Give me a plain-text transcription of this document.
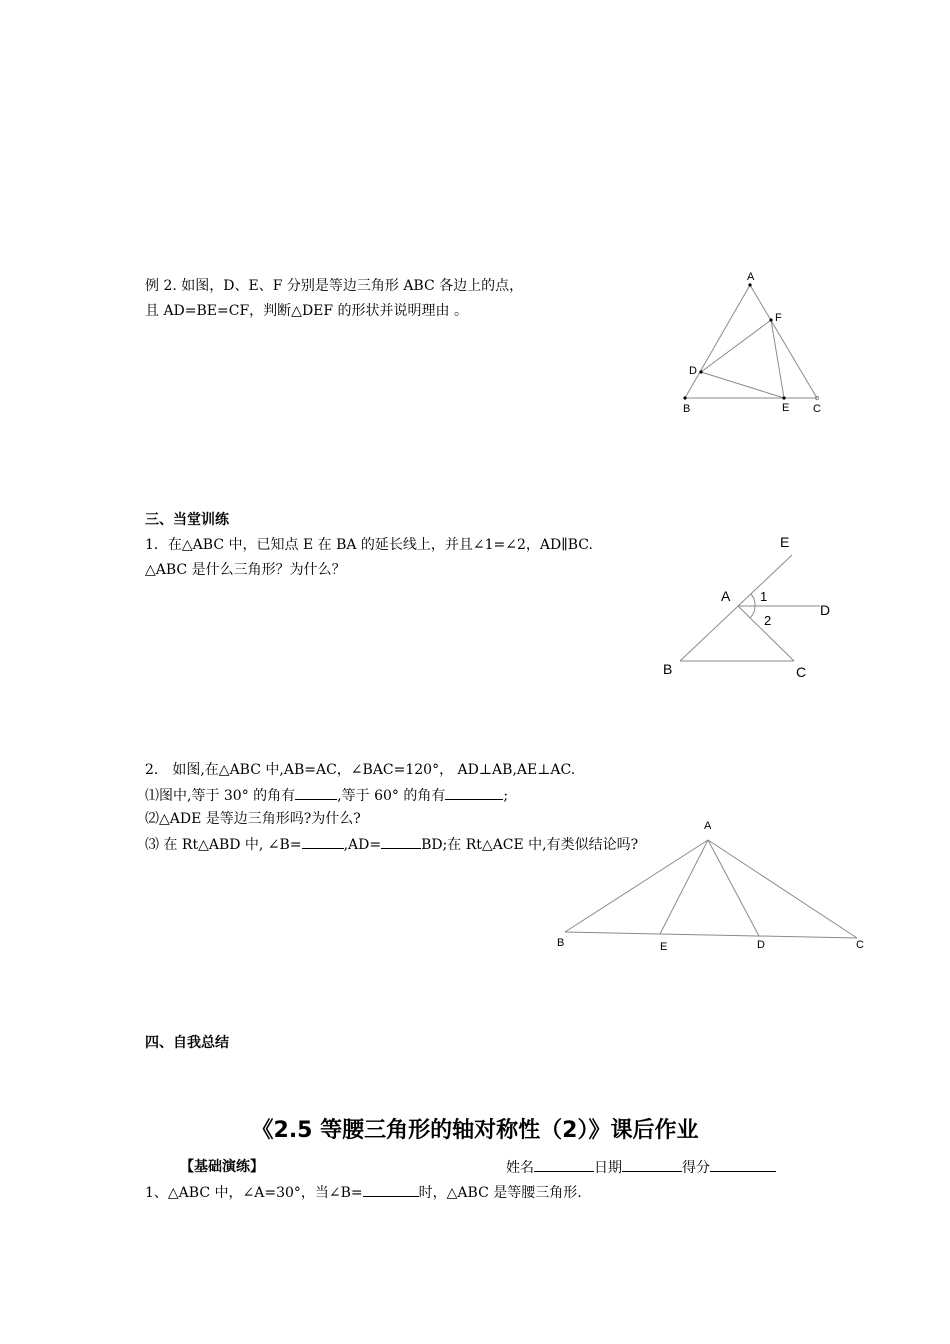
例 2. 如图，D、E、F 分别是等边三角形 ABC 各边上的点，
且 AD=BE=CF，判断△DEF 的形状并说明理由 。
A
F
D
B	E C
三、当堂训练
1．在△ABC 中，已知点 E 在 BA 的延长线上，并且∠1=∠2，AD∥BC.
△ABC 是什么三角形？为什么？
E
A 1
D
2
B	C
2． 如图,在△ABC 中,AB=AC，∠BAC=120°， AD⊥AB,AE⊥AC.
⑴图中,等于 30° 的角有	,等于 60° 的角有	;
⑵△ADE 是等边三角形吗?为什么?
⑶ 在 Rt△ABD 中, ∠B=	,AD=	BD;在 Rt△ACE 中,有类似结论吗?
A
B	E	D	C
四、自我总结
《2.5 等腰三角形的轴对称性（2）》课后作业
【基础演练】	姓名	日期	得分
1、△ABC 中，∠A=30°，当∠B=	时，△ABC 是等腰三角形.
